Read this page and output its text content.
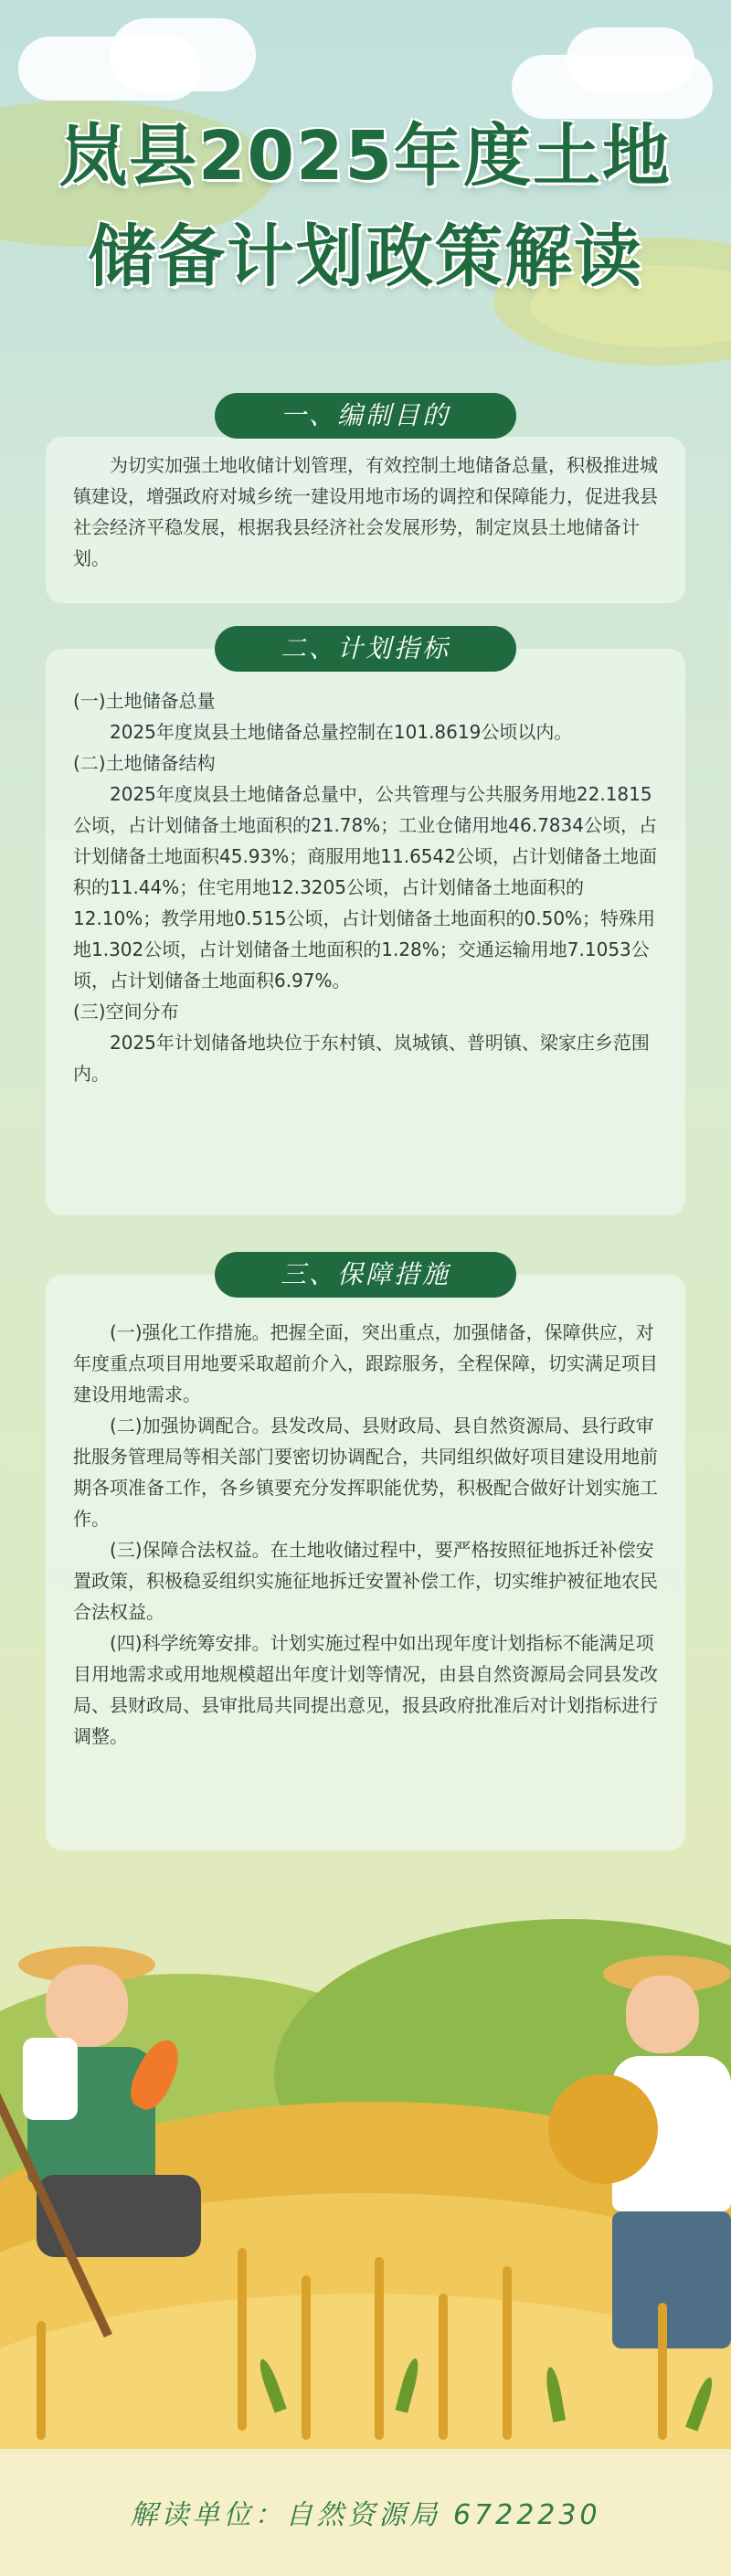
岚县2025年度土地
储备计划政策解读
一、编制目的

为切实加强土地收储计划管理，有效控制土地储备总量，积极推进城镇建设，增强政府对城乡统一建设用地市场的调控和保障能力，促进我县社会经济平稳发展，根据我县经济社会发展形势，制定岚县土地储备计划。

二、计划指标

(一)土地储备总量

2025年度岚县土地储备总量控制在101.8619公顷以内。

(二)土地储备结构

2025年度岚县土地储备总量中，公共管理与公共服务用地22.1815公顷，占计划储备土地面积的21.78%；工业仓储用地46.7834公顷，占计划储备土地面积45.93%；商服用地11.6542公顷，占计划储备土地面积的11.44%；住宅用地12.3205公顷，占计划储备土地面积的12.10%；教学用地0.515公顷，占计划储备土地面积的0.50%；特殊用地1.302公顷，占计划储备土地面积的1.28%；交通运输用地7.1053公顷，占计划储备土地面积6.97%。

(三)空间分布

2025年计划储备地块位于东村镇、岚城镇、普明镇、梁家庄乡范围内。

三、保障措施

(一)强化工作措施。把握全面，突出重点，加强储备，保障供应，对年度重点项目用地要采取超前介入，跟踪服务，全程保障，切实满足项目建设用地需求。

(二)加强协调配合。县发改局、县财政局、县自然资源局、县行政审批服务管理局等相关部门要密切协调配合，共同组织做好项目建设用地前期各项准备工作，各乡镇要充分发挥职能优势，积极配合做好计划实施工作。

(三)保障合法权益。在土地收储过程中，要严格按照征地拆迁补偿安置政策，积极稳妥组织实施征地拆迁安置补偿工作，切实维护被征地农民合法权益。

(四)科学统筹安排。计划实施过程中如出现年度计划指标不能满足项目用地需求或用地规模超出年度计划等情况，由县自然资源局会同县发改局、县财政局、县审批局共同提出意见，报县政府批准后对计划指标进行调整。

解读单位：自然资源局 6722230
